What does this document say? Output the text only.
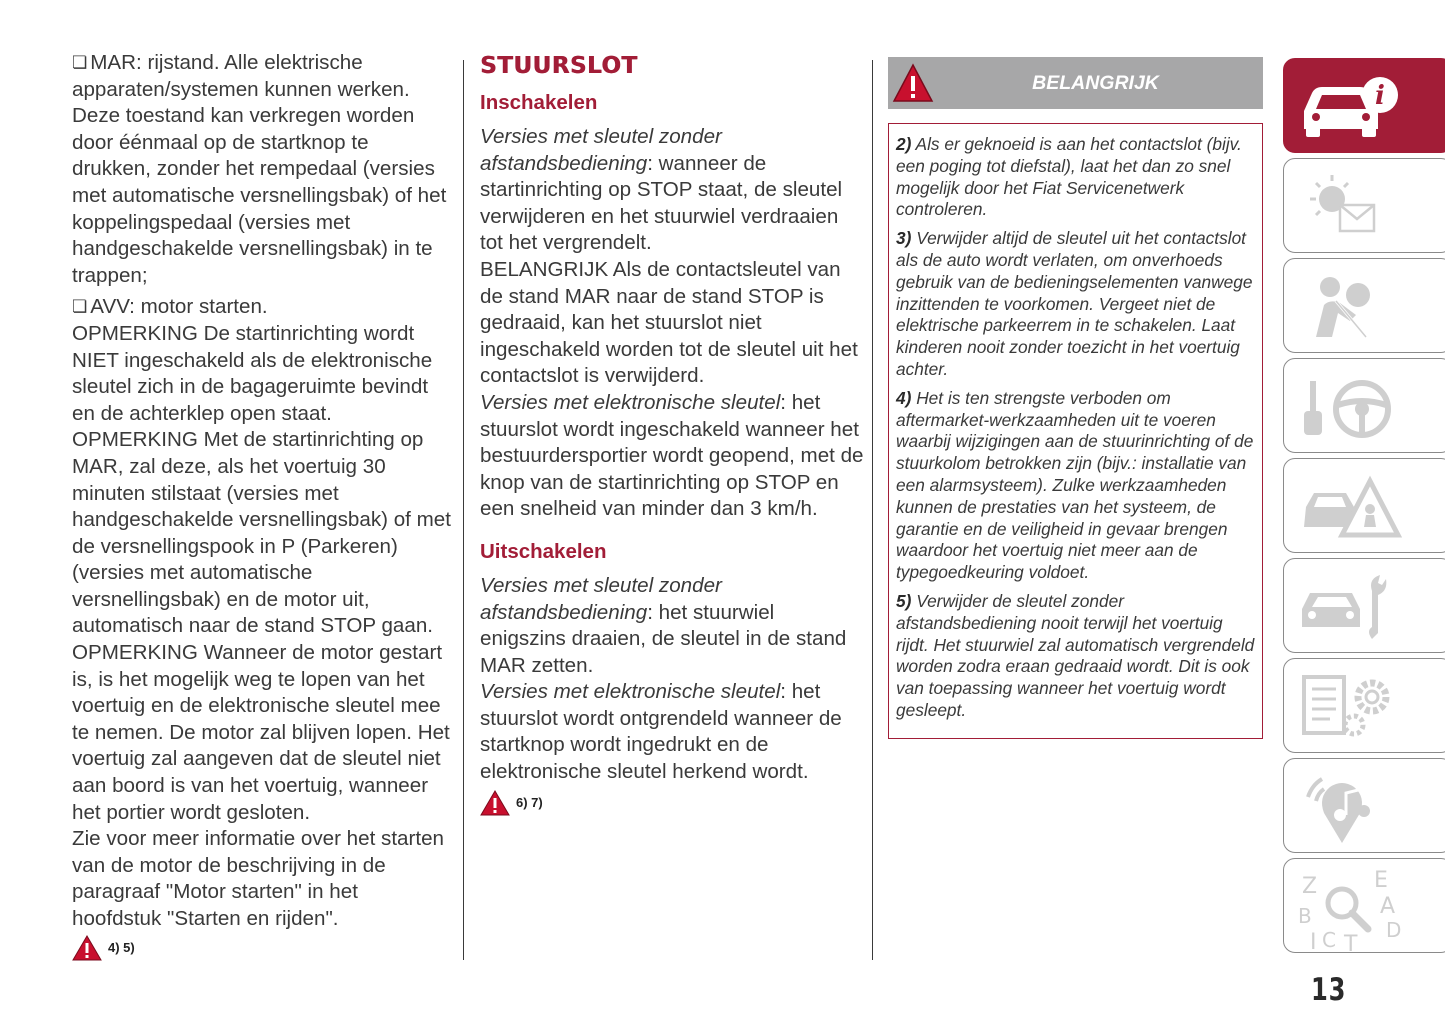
❏ MAR: rijstand. Alle elektrische apparaten/systemen kunnen werken. Deze toestand kan verkregen worden door éénmaal op de startknop te drukken, zonder het rempedaal (versies met automatische versnellingsbak) of het koppelingspedaal (versies met handgeschakelde versnellingsbak) in te trappen;

❏ AVV: motor starten.

OPMERKING De startinrichting wordt NIET ingeschakeld als de elektronische sleutel zich in de bagageruimte bevindt en de achterklep open staat.

OPMERKING Met de startinrichting op MAR, zal deze, als het voertuig 30 minuten stilstaat (versies met handgeschakelde versnellingsbak) of met de versnellingspook in P (Parkeren) (versies met automatische versnellingsbak) en de motor uit, automatisch naar de stand STOP gaan.

OPMERKING Wanneer de motor gestart is, is het mogelijk weg te lopen van het voertuig en de elektronische sleutel mee te nemen. De motor zal blijven lopen. Het voertuig zal aangeven dat de sleutel niet aan boord is van het voertuig, wanneer het portier wordt gesloten.

Zie voor meer informatie over het starten van de motor de beschrijving in de paragraaf "Motor starten" in het hoofdstuk "Starten en rijden".

4) 5)
STUURSLOT
Inschakelen

Versies met sleutel zonder afstandsbediening: wanneer de startinrichting op STOP staat, de sleutel verwijderen en het stuurwiel verdraaien tot het vergrendelt.

BELANGRIJK Als de contactsleutel van de stand MAR naar de stand STOP is gedraaid, kan het stuurslot niet ingeschakeld worden tot de sleutel uit het contactslot is verwijderd.

Versies met elektronische sleutel: het stuurslot wordt ingeschakeld wanneer het bestuurdersportier wordt geopend, met de knop van de startinrichting op STOP en een snelheid van minder dan 3 km/h.

Uitschakelen

Versies met sleutel zonder afstandsbediening: het stuurwiel enigszins draaien, de sleutel in de stand MAR zetten.

Versies met elektronische sleutel: het stuurslot wordt ontgrendeld wanneer de startknop wordt ingedrukt en de elektronische sleutel herkend wordt.

6) 7)
BELANGRIJK

2) Als er geknoeid is aan het contactslot (bijv. een poging tot diefstal), laat het dan zo snel mogelijk door het Fiat Servicenetwerk controleren.

3) Verwijder altijd de sleutel uit het contactslot als de auto wordt verlaten, om onverhoeds gebruik van de bedieningselementen vanwege inzittenden te voorkomen. Vergeet niet de elektrische parkeerrem in te schakelen. Laat kinderen nooit zonder toezicht in het voertuig achter.

4) Het is ten strengste verboden om aftermarket-werkzaamheden uit te voeren waarbij wijzigingen aan de stuurinrichting of de stuurkolom betrokken zijn (bijv.: installatie van een alarmsysteem). Zulke werkzaamheden kunnen de prestaties van het systeem, de garantie en de veiligheid in gevaar brengen waardoor het voertuig niet meer aan de typegoedkeuring voldoet.

5) Verwijder de sleutel zonder afstandsbediening nooit terwijl het voertuig rijdt. Het stuurwiel zal automatisch vergrendeld worden zodra eraan gedraaid wordt. Dit is ook van toepassing wanneer het voertuig wordt gesleept.

i
Z	E
A
B
D
I C T
13
